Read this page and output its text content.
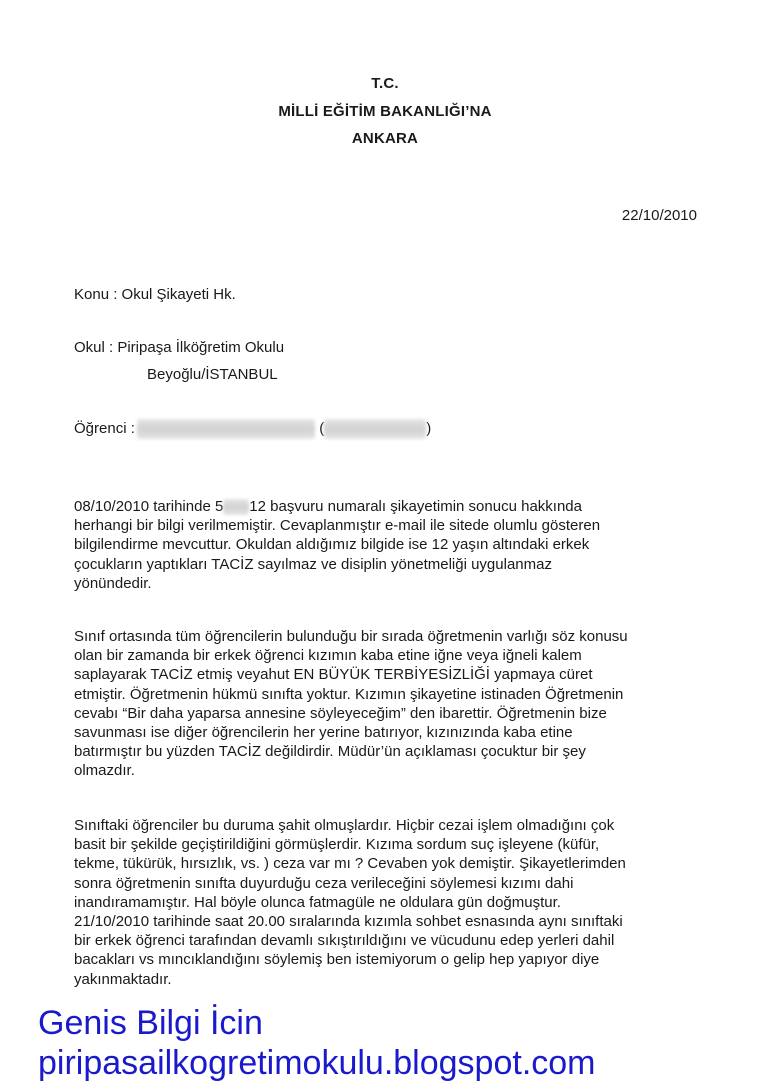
T.C.
MİLLİ EĞİTİM BAKANLIĞI’NA
ANKARA
22/10/2010
Konu : Okul Şikayeti Hk.
Okul : Piripaşa İlköğretim Okulu
Beyoğlu/İSTANBUL
Öğrenci :	(	)
08/10/2010 tarihinde 5 12 başvuru numaralı şikayetimin sonucu hakkında
herhangi bir bilgi verilmemiştir. Cevaplanmıştır e-mail ile sitede olumlu gösteren
bilgilendirme mevcuttur. Okuldan aldığımız bilgide ise 12 yaşın altındaki erkek
çocukların yaptıkları TACİZ sayılmaz ve disiplin yönetmeliği uygulanmaz
yönündedir.
Sınıf ortasında tüm öğrencilerin bulunduğu bir sırada öğretmenin varlığı söz konusu
olan bir zamanda bir erkek öğrenci kızımın kaba etine iğne veya iğneli kalem
saplayarak TACİZ etmiş veyahut EN BÜYÜK TERBİYESİZLİĞİ yapmaya cüret
etmiştir. Öğretmenin hükmü sınıfta yoktur. Kızımın şikayetine istinaden Öğretmenin
cevabı “Bir daha yaparsa annesine söyleyeceğim” den ibarettir. Öğretmenin bize
savunması ise diğer öğrencilerin her yerine batırıyor, kızınızında kaba etine
batırmıştır bu yüzden TACİZ değildirdir. Müdür’ün açıklaması çocuktur bir şey
olmazdır.
Sınıftaki öğrenciler bu duruma şahit olmuşlardır. Hiçbir cezai işlem olmadığını çok
basit bir şekilde geçiştirildiğini görmüşlerdir. Kızıma sordum suç işleyene (küfür,
tekme, tükürük, hırsızlık, vs. ) ceza var mı ? Cevaben yok demiştir. Şikayetlerimden
sonra öğretmenin sınıfta duyurduğu ceza verileceğini söylemesi kızımı dahi
inandıramamıştır. Hal böyle olunca fatmagüle ne oldulara gün doğmuştur.
21/10/2010 tarihinde saat 20.00 sıralarında kızımla sohbet esnasında aynı sınıftaki
bir erkek öğrenci tarafından devamlı sıkıştırıldığını ve vücudunu edep yerleri dahil
bacakları vs mıncıklandığını söylemiş ben istemiyorum o gelip hep yapıyor diye
yakınmaktadır.
Genis Bilgi İcin
piripasailkogretimokulu.blogspot.com
